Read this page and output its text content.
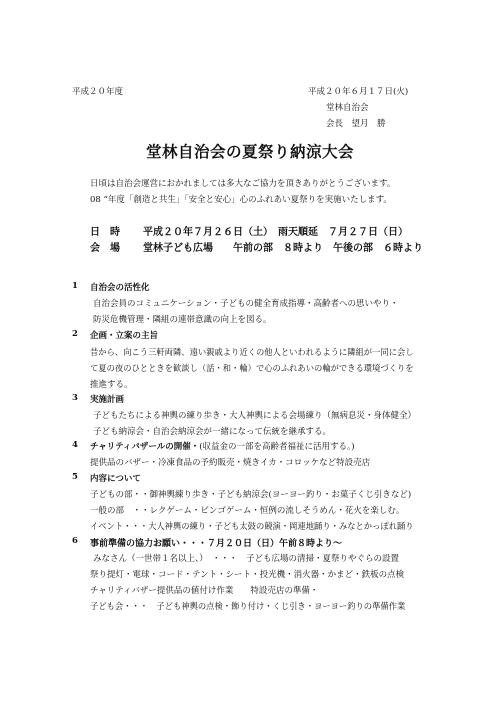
平成２０年度	平成２０年６月１７日(火)
堂林自治会
会長　望月　勝
堂林自治会の夏祭り納涼大会
日頃は自治会運営におかれましては多大なご協力を頂きありがとうございます。
08 “年度「創造と共生」「安全と安心」心のふれあい夏祭りを実施いたします。
日　時 平成２０年７月２６日（土）　雨天順延　７月２７日（日）
会　場 堂林子ども広場　　午前の部　８時より　午後の部　６時より
1 自治会の活性化
自治会員のコミュニケーション・子どもの健全育成指導・高齢者への思いやり・
防災危機管理・隣組の連帯意識の向上を図る。
2 企画・立案の主旨
昔から、向こう三軒両隣、遠い親戚より近くの他人といわれるように隣組が一同に会し
て夏の夜のひとときを歓談し（話・和・輪）で心のふれあいの輪ができる環境づくりを
推進する。
3 実施計画
子どもたちによる神輿の練り歩き・大人神輿による会場練り（無病息災・身体健全）
子ども納涼会・自治会納涼会が一緒になって伝統を継承する。
4 チャリティバザールの開催・(収益金の一部を高齢者福祉に活用する。)
提供品のバザー・冷凍食品の予約販売・焼きイカ・コロッケなど特設売店
5 内容について
子どもの部・・御神輿練り歩き・子ども納涼会(ヨーヨー釣り・お菓子くじ引きなど)
一般の部　・・レクゲーム・ビンゴゲーム・恒例の流しそうめん・花火を楽しむ。
イベント・・・大人神輿の練り・子ども太鼓の競演・岡連地踊り・みなとかっぽれ踊り
6 事前準備の協力お願い・・・７月２０日（日）午前８時より～
みなさん（一世帯１名以上、）　・・・　子ども広場の清掃・夏祭りやぐらの設置
祭り提灯・電球・コード・テント・シート・投光機・消火器・かまど・鉄板の点検
チャリティバザー提供品の値付け作業　　特設売店の準備・
子ども会・・・　子ども神輿の点検・飾り付け・くじ引き・ヨーヨー釣りの準備作業
